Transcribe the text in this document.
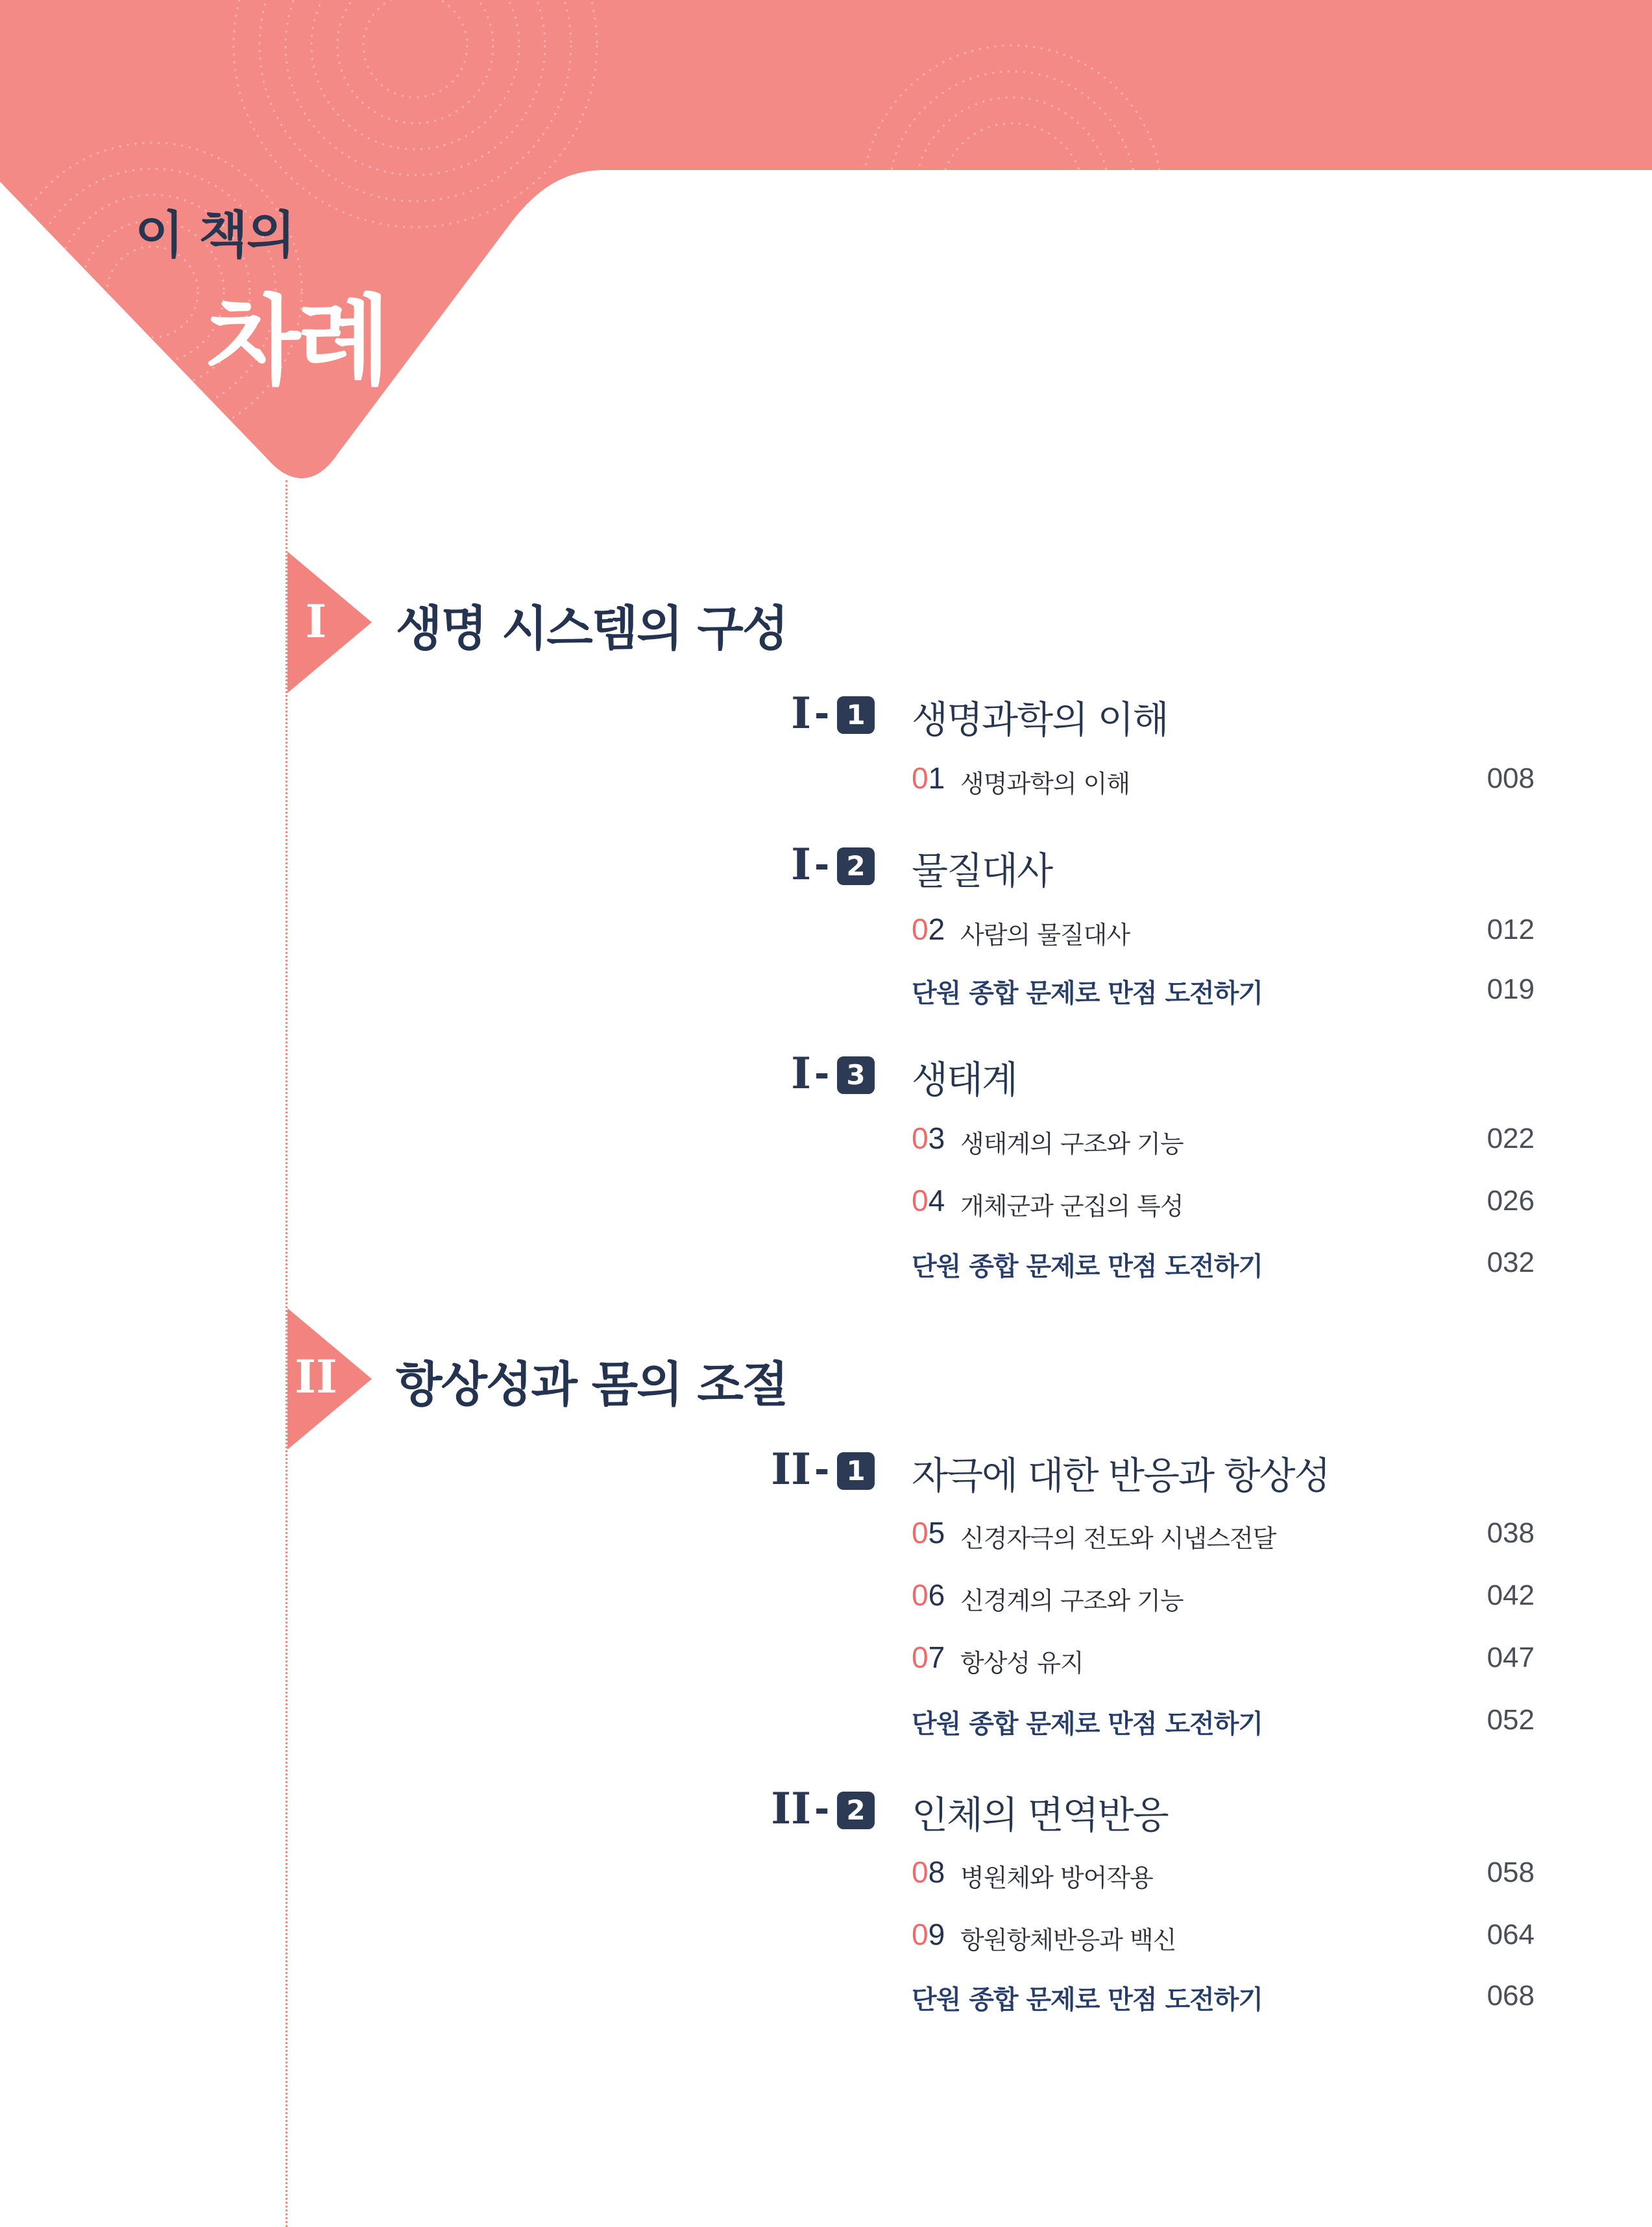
이 책의
차례
I 생명 시스템의 구성
I - 1 생명과학의 이해
01 생명과학의 이해	008
I - 2 물질대사
02 사람의 물질대사	012
단원 종합 문제로 만점 도전하기	019
I - 3 생태계
03 생태계의 구조와 기능	022
04 개체군과 군집의 특성	026
단원 종합 문제로 만점 도전하기	032
II 항상성과 몸의 조절
II - 1 자극에 대한 반응과 항상성
05 신경자극의 전도와 시냅스전달	038
06 신경계의 구조와 기능	042
07 항상성 유지	047
단원 종합 문제로 만점 도전하기	052
II - 2 인체의 면역반응
08 병원체와 방어작용	058
09 항원항체반응과 백신	064
단원 종합 문제로 만점 도전하기	068
